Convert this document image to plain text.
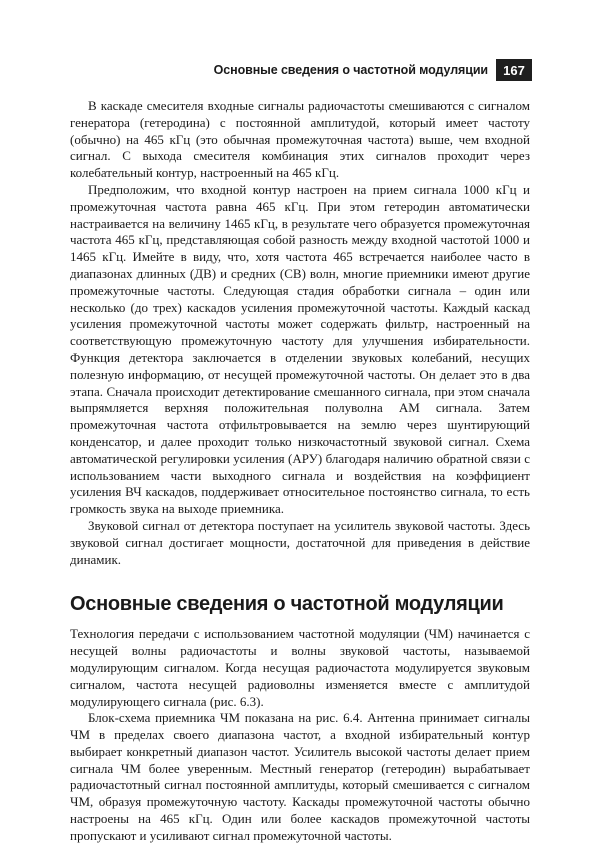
Основные сведения о частотной модуляции	167

В каскаде смесителя входные сигналы радиочастоты смешиваются с сигналом генератора (гетеродина) с постоянной амплитудой, который имеет частоту (обычно) на 465 кГц (это обычная промежуточная частота) выше, чем входной сигнал. С выхода смесителя комбинация этих сигналов проходит через колебательный контур, настроенный на 465 кГц.

Предположим, что входной контур настроен на прием сигнала 1000 кГц и промежуточная частота равна 465 кГц. При этом гетеродин автоматически настраивается на величину 1465 кГц, в результате чего образуется промежуточная частота 465 кГц, представляющая собой разность между входной частотой 1000 и 1465 кГц. Имейте в виду, что, хотя частота 465 встречается наиболее часто в диапазонах длинных (ДВ) и средних (СВ) волн, многие приемники имеют другие промежуточные частоты. Следующая стадия обработки сигнала – один или несколько (до трех) каскадов усиления промежуточной частоты. Каждый каскад усиления промежуточной частоты может содержать фильтр, настроенный на соответствующую промежуточную частоту для улучшения избирательности. Функция детектора заключается в отделении звуковых колебаний, несущих полезную информацию, от несущей промежуточной частоты. Он делает это в два этапа. Сначала происходит детектирование смешанного сигнала, при этом сначала выпрямляется верхняя положительная полуволна АМ сигнала. Затем промежуточная частота отфильтровывается на землю через шунтирующий конденсатор, и далее проходит только низкочастотный звуковой сигнал. Схема автоматической регулировки усиления (АРУ) благодаря наличию обратной связи с использованием части выходного сигнала и воздействия на коэффициент усиления ВЧ каскадов, поддерживает относительное постоянство сигнала, то есть громкость звука на выходе приемника.

Звуковой сигнал от детектора поступает на усилитель звуковой частоты. Здесь звуковой сигнал достигает мощности, достаточной для приведения в действие динамик.

Основные сведения о частотной модуляции

Технология передачи с использованием частотной модуляции (ЧМ) начинается с несущей волны радиочастоты и волны звуковой частоты, называемой модулирующим сигналом. Когда несущая радиочастота модулируется звуковым сигналом, частота несущей радиоволны изменяется вместе с амплитудой модулирующего сигнала (рис. 6.3).

Блок-схема приемника ЧМ показана на рис. 6.4. Антенна принимает сигналы ЧМ в пределах своего диапазона частот, а входной избирательный контур выбирает конкретный диапазон частот. Усилитель высокой частоты делает прием сигнала ЧМ более уверенным. Местный генератор (гетеродин) вырабатывает радиочастотный сигнал постоянной амплитуды, который смешивается с сигналом ЧМ, образуя промежуточную частоту. Каскады промежуточной частоты обычно настроены на 465 кГц. Один или более каскадов промежуточной частоты пропускают и усиливают сигнал промежуточной частоты.
